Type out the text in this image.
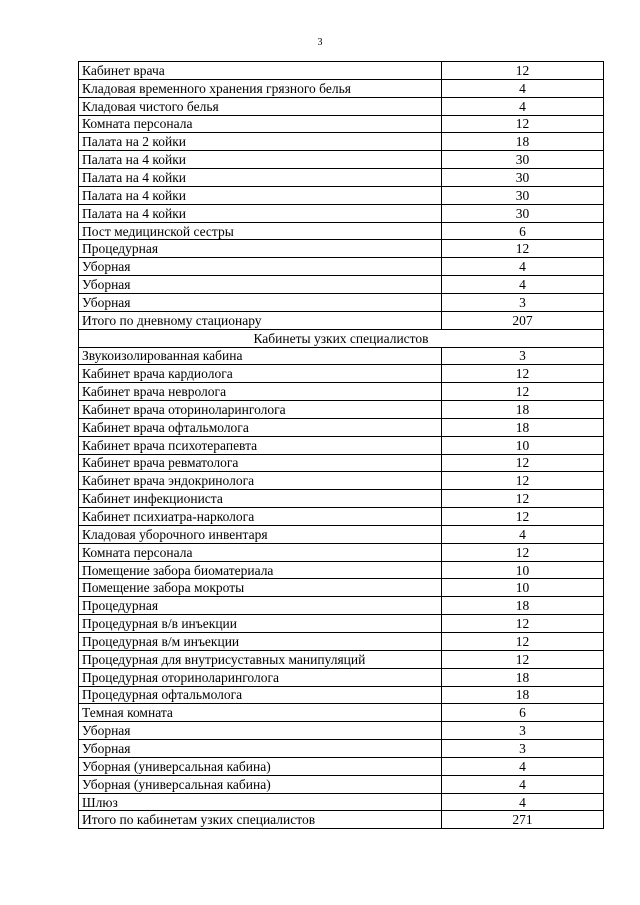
3
Кабинет врача	12
Кладовая временного хранения грязного белья	4
Кладовая чистого белья	4
Комната персонала	12
Палата на 2 койки	18
Палата на 4 койки	30
Палата на 4 койки	30
Палата на 4 койки	30
Палата на 4 койки	30
Пост медицинской сестры	6
Процедурная	12
Уборная	4
Уборная	4
Уборная	3
Итого по дневному стационару	207
Кабинеты узких специалистов	
Звукоизолированная кабина	3
Кабинет врача кардиолога	12
Кабинет врача невролога	12
Кабинет врача оториноларинголога	18
Кабинет врача офтальмолога	18
Кабинет врача психотерапевта	10
Кабинет врача ревматолога	12
Кабинет врача эндокринолога	12
Кабинет инфекциониста	12
Кабинет психиатра-нарколога	12
Кладовая уборочного инвентаря	4
Комната персонала	12
Помещение забора биоматериала	10
Помещение забора мокроты	10
Процедурная	18
Процедурная в/в инъекции	12
Процедурная в/м инъекции	12
Процедурная для внутрисуставных манипуляций	12
Процедурная оториноларинголога	18
Процедурная офтальмолога	18
Темная комната	6
Уборная	3
Уборная	3
Уборная (универсальная кабина)	4
Уборная (универсальная кабина)	4
Шлюз	4
Итого по кабинетам узких специалистов	271
